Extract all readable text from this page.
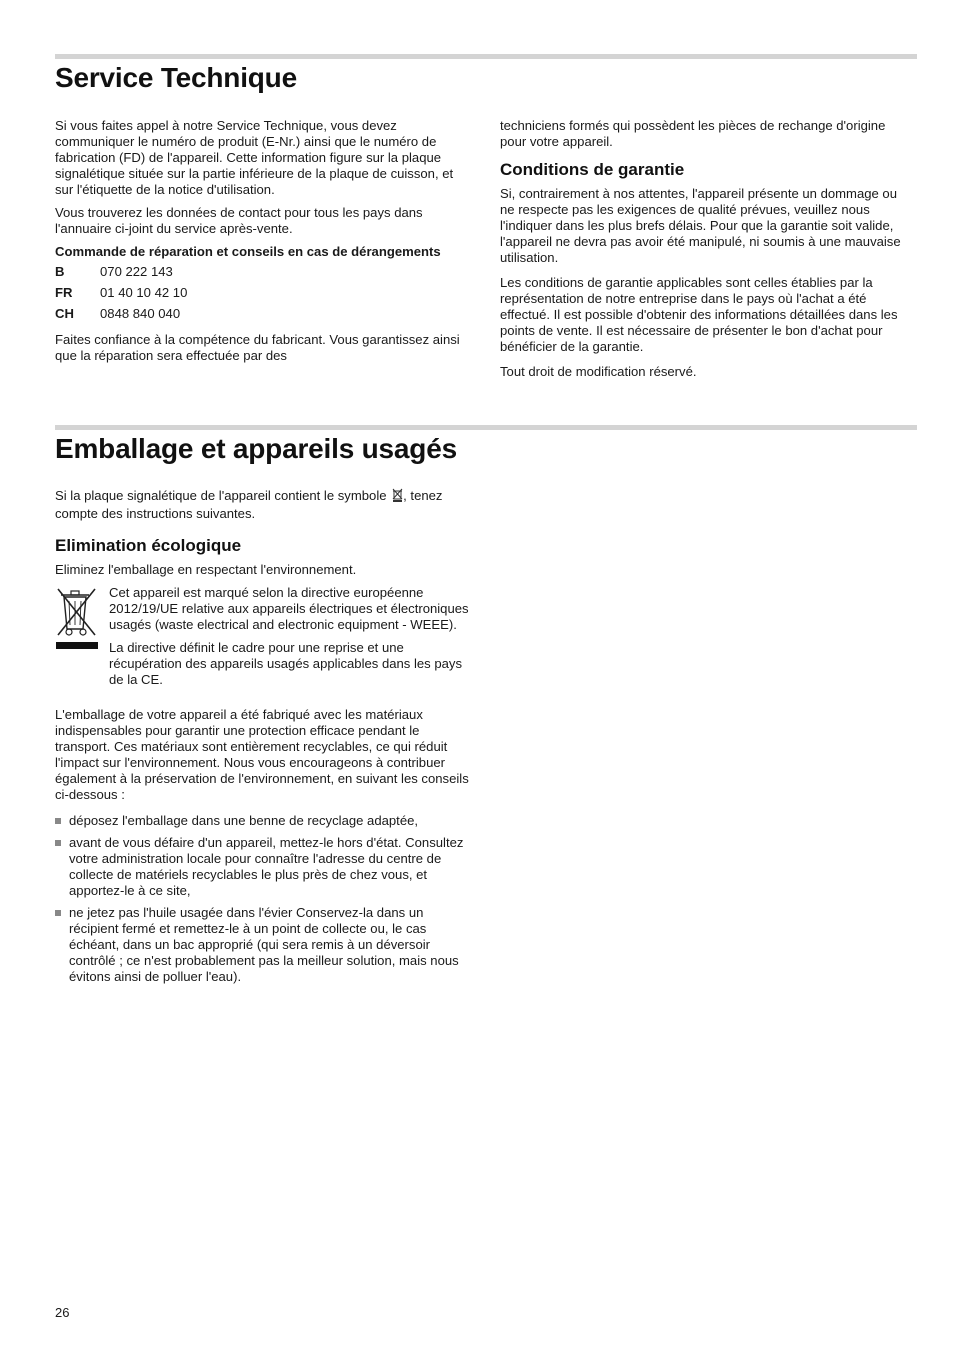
Service Technique

Si vous faites appel à notre Service Technique, vous devez communiquer le numéro de produit (E-Nr.) ainsi que le numéro de fabrication (FD) de l'appareil. Cette information figure sur la plaque signalétique située sur la partie inférieure de la plaque de cuisson, et sur l'étiquette de la notice d'utilisation.

Vous trouverez les données de contact pour tous les pays dans l'annuaire ci-joint du service après-vente.

Commande de réparation et conseils en cas de dérangements
B	070 222 143
FR	01 40 10 42 10
CH	0848 840 040

Faites confiance à la compétence du fabricant. Vous garantissez ainsi que la réparation sera effectuée par des

techniciens formés qui possèdent les pièces de rechange d'origine pour votre appareil.

Conditions de garantie

Si, contrairement à nos attentes, l'appareil présente un dommage ou ne respecte pas les exigences de qualité prévues, veuillez nous l'indiquer dans les plus brefs délais. Pour que la garantie soit valide, l'appareil ne devra pas avoir été manipulé, ni soumis à une mauvaise utilisation.

Les conditions de garantie applicables sont celles établies par la représentation de notre entreprise dans le pays où l'achat a été effectué. Il est possible d'obtenir des informations détaillées dans les points de vente. Il est nécessaire de présenter le bon d'achat pour bénéficier de la garantie.

Tout droit de modification réservé.

Emballage et appareils usagés

Si la plaque signalétique de l'appareil contient le symbole , tenez compte des instructions suivantes.

Elimination écologique

Eliminez l'emballage en respectant l'environnement.

Cet appareil est marqué selon la directive européenne 2012/19/UE relative aux appareils électriques et électroniques usagés (waste electrical and electronic equipment - WEEE).

La directive définit le cadre pour une reprise et une récupération des appareils usagés applicables dans les pays de la CE.

L'emballage de votre appareil a été fabriqué avec les matériaux indispensables pour garantir une protection efficace pendant le transport. Ces matériaux sont entièrement recyclables, ce qui réduit l'impact sur l'environnement. Nous vous encourageons à contribuer également à la préservation de l'environnement, en suivant les conseils ci-dessous :

déposez l'emballage dans une benne de recyclage adaptée,
avant de vous défaire d'un appareil, mettez-le hors d'état. Consultez votre administration locale pour connaître l'adresse du centre de collecte de matériels recyclables le plus près de chez vous, et apportez-le à ce site,
ne jetez pas l'huile usagée dans l'évier Conservez-la dans un récipient fermé et remettez-le à un point de collecte ou, le cas échéant, dans un bac approprié (qui sera remis à un déversoir contrôlé ; ce n'est probablement pas la meilleur solution, mais nous évitons ainsi de polluer l'eau).
26
